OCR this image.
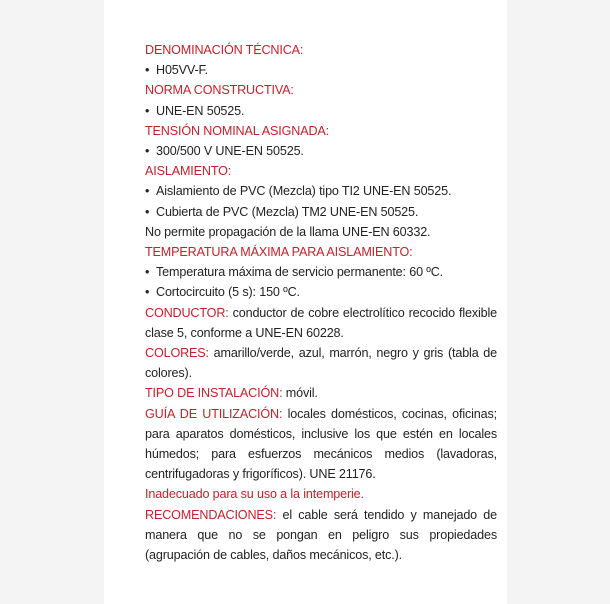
DENOMINACIÓN TÉCNICA:
• H05VV-F.
NORMA CONSTRUCTIVA:
• UNE-EN 50525.
TENSIÓN NOMINAL ASIGNADA:
• 300/500 V UNE-EN 50525.
AISLAMIENTO:
• Aislamiento de PVC (Mezcla) tipo TI2 UNE-EN 50525.
• Cubierta de PVC (Mezcla) TM2 UNE-EN 50525.
No permite propagación de la llama UNE-EN 60332.
TEMPERATURA MÁXIMA PARA AISLAMIENTO:
• Temperatura máxima de servicio permanente: 60 ºC.
• Cortocircuito (5 s): 150 ºC.
CONDUCTOR: conductor de cobre electrolítico recocido flexible clase 5, conforme a UNE-EN 60228.
COLORES: amarillo/verde, azul, marrón, negro y gris (tabla de colores).
TIPO DE INSTALACIÓN: móvil.
GUÍA DE UTILIZACIÓN: locales domésticos, cocinas, oficinas; para aparatos domésticos, inclusive los que estén en locales húmedos; para esfuerzos mecánicos medios (lavadoras, centrifugadoras y frigoríficos). UNE 21176.
Inadecuado para su uso a la intemperie.
RECOMENDACIONES: el cable será tendido y manejado de manera que no se pongan en peligro sus propiedades (agrupación de cables, daños mecánicos, etc.).
